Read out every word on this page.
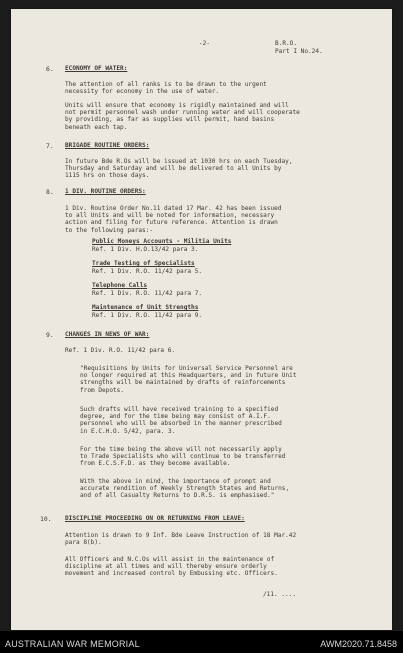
-2-	B.R.O.
Part I No.24.
6. ECONOMY OF WATER:
The attention of all ranks is to be drawn to the urgent
necessity for economy in the use of water.
Units will ensure that economy is rigidly maintained and will
not permit personnel wash under running water and will cooperate
by providing, as far as supplies will permit, hand basins
beneath each tap.
7. BRIGADE ROUTINE ORDERS:
In future Bde R.Os will be issued at 1030 hrs on each Tuesday,
Thursday and Saturday and will be delivered to all Units by
1115 hrs on those days.
8. 1 DIV. ROUTINE ORDERS:
1 Div. Routine Order No.11 dated 17 Mar. 42 has been issued
to all Units and will be noted for information, necessary
action and filing for future reference. Attention is drawn
to the following paras:-
Public Moneys Accounts - Militia Units
Ref. 1 Div. H.O.13/42 para 3.
Trade Testing of Specialists
Ref. 1 Div. R.O. 11/42 para 5.
Telephone Calls
Ref. 1 Div. R.O. 11/42 para 7.
Maintenance of Unit Strengths
Ref. 1 Div. R.O. 11/42 para 9.
9. CHANGES IN NEWS OF WAR:
Ref. 1 Div. R.O. 11/42 para 6.
"Requisitions by Units for Universal Service Personnel are
no longer required at this Headquarters, and in future Unit
strengths will be maintained by drafts of reinforcements
from Depots.
Such drafts will have received training to a specified
degree, and for the time being may consist of A.I.F.
personnel who will be absorbed in the manner prescribed
in E.C.H.O. 5/42, para. 3.
For the time being the above will not necessarily apply
to Trade Specialists who will continue to be transferred
from E.C.S.F.D. as they become available.
With the above in mind, the importance of prompt and
accurate rendition of Weekly Strength States and Returns,
and of all Casualty Returns to D.R.S. is emphasised."
10. DISCIPLINE PROCEEDING ON OR RETURNING FROM LEAVE:
Attention is drawn to 9 Inf. Bde Leave Instruction of 18 Mar.42
para 8(b).
All Officers and N.C.Os will assist in the maintenance of
discipline at all times and will thereby ensure orderly
movement and increased control by Embussing etc. Officers.
/11. ....
AUSTRALIAN WAR MEMORIAL	AWM2020.71.8458
